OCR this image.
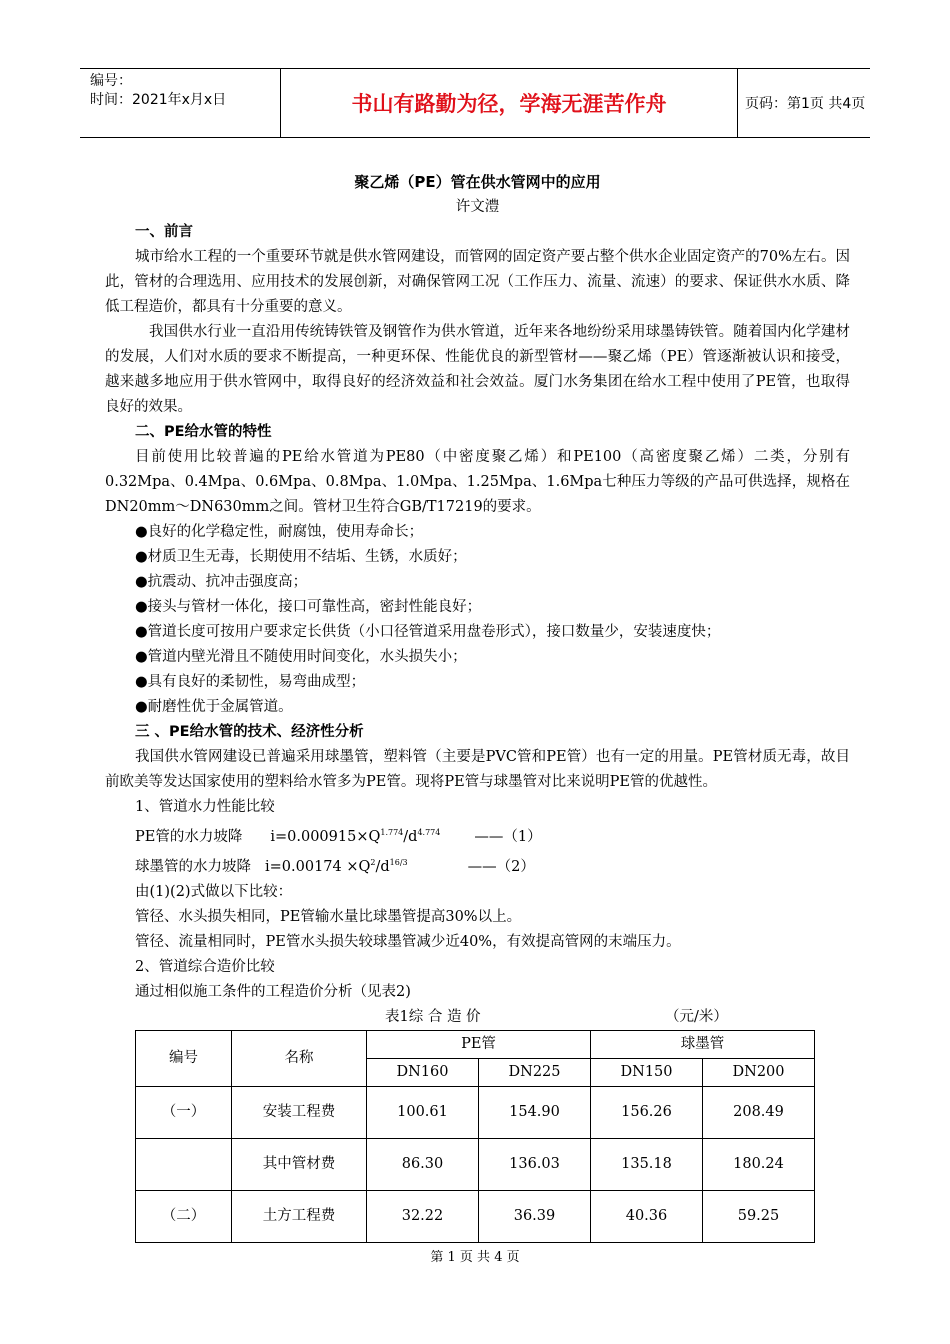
编号：
时间：2021年x月x日	书山有路勤为径，学海无涯苦作舟	页码：第1页 共4页
聚乙烯（PE）管在供水管网中的应用
许文澧
一、前言
城市给水工程的一个重要环节就是供水管网建设，而管网的固定资产要占整个供水企业固定资产的70%左右。因此，管材的合理选用、应用技术的发展创新，对确保管网工况（工作压力、流量、流速）的要求、保证供水水质、降低工程造价，都具有十分重要的意义。
我国供水行业一直沿用传统铸铁管及钢管作为供水管道，近年来各地纷纷采用球墨铸铁管。随着国内化学建材的发展，人们对水质的要求不断提高，一种更环保、性能优良的新型管材——聚乙烯（PE）管逐渐被认识和接受，越来越多地应用于供水管网中，取得良好的经济效益和社会效益。厦门水务集团在给水工程中使用了PE管，也取得良好的效果。
二、PE给水管的特性
目前使用比较普遍的PE给水管道为PE80（中密度聚乙烯）和PE100（高密度聚乙烯）二类，分别有0.32Mpa、0.4Mpa、0.6Mpa、0.8Mpa、1.0Mpa、1.25Mpa、1.6Mpa七种压力等级的产品可供选择，规格在DN20mm～DN630mm之间。管材卫生符合GB/T17219的要求。
●良好的化学稳定性，耐腐蚀，使用寿命长；
●材质卫生无毒，长期使用不结垢、生锈，水质好；
●抗震动、抗冲击强度高；
●接头与管材一体化，接口可靠性高，密封性能良好；
●管道长度可按用户要求定长供货（小口径管道采用盘卷形式），接口数量少，安装速度快；
●管道内壁光滑且不随使用时间变化，水头损失小；
●具有良好的柔韧性，易弯曲成型；
●耐磨性优于金属管道。
三 、PE给水管的技术、经济性分析
我国供水管网建设已普遍采用球墨管，塑料管（主要是PVC管和PE管）也有一定的用量。PE管材质无毒，故目前欧美等发达国家使用的塑料给水管多为PE管。现将PE管与球墨管对比来说明PE管的优越性。
1、管道水力性能比较
PE管的水力坡降 $i=0.000915\times Q^{1.774}/d^{4.774}$ ——（1）
球墨管的水力坡降 $i=0.00174 \times Q^2/d^{16/3}$	——（2）
由(1)(2)式做以下比较：
管径、水头损失相同，PE管输水量比球墨管提高30%以上。
管径、流量相同时，PE管水头损失较球墨管减少近40%，有效提高管网的末端压力。
2、管道综合造价比较
通过相似施工条件的工程造价分析（见表2)
表1综 合 造 价	（元/米）
编号	名称	PE管		球墨管	
		DN160	DN225	DN150	DN200
（一）	安装工程费	100.61	154.90	156.26	208.49
	其中管材费	86.30	136.03	135.18	180.24
（二）	土方工程费	32.22	36.39	40.36	59.25
第 1 页 共 4 页
